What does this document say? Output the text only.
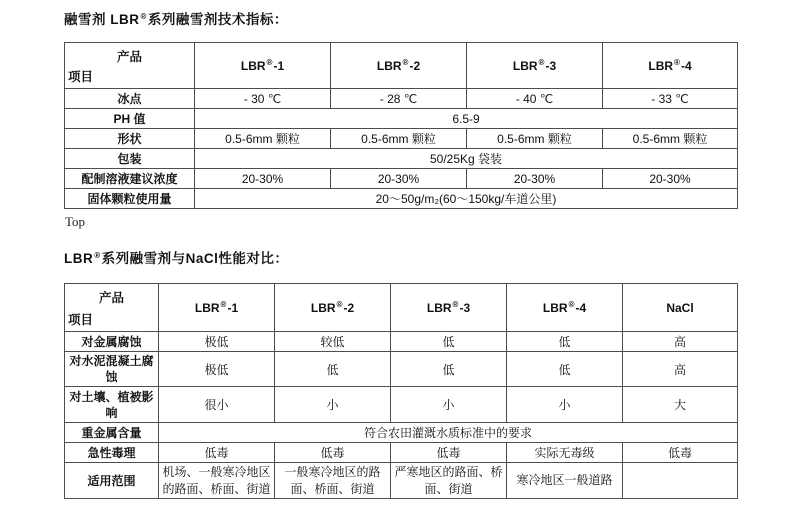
融雪剂 LBR®系列融雪剂技术指标：
产品
项目	LBR®-1	LBR®-2	LBR®-3	LBR®-4
冰点	- 30 ℃	- 28 ℃	- 40 ℃	- 33 ℃
PH 值	6.5-9			
形状	0.5-6mm 颗粒	0.5-6mm 颗粒	0.5-6mm 颗粒	0.5-6mm 颗粒
包装	50/25Kg 袋装			
配制溶液建议浓度	20-30%	20-30%	20-30%	20-30%
固体颗粒使用量	20～50g/m₂(60～150kg/车道公里)			
Top
LBR®系列融雪剂与NaCl性能对比：
产品
项目	LBR®-1	LBR®-2	LBR®-3	LBR®-4	NaCl
对金属腐蚀	极低	较低	低	低	高
对水泥混凝土腐蚀	极低	低	低	低	高
对土壤、植被影响	很小	小	小	小	大
重金属含量	符合农田灌溉水质标准中的要求				
急性毒理	低毒	低毒	低毒	实际无毒级	低毒
适用范围	机场、一般寒冷地区的路面、桥面、街道	一般寒冷地区的路面、桥面、街道	严寒地区的路面、桥面、街道	寒冷地区一般道路	
